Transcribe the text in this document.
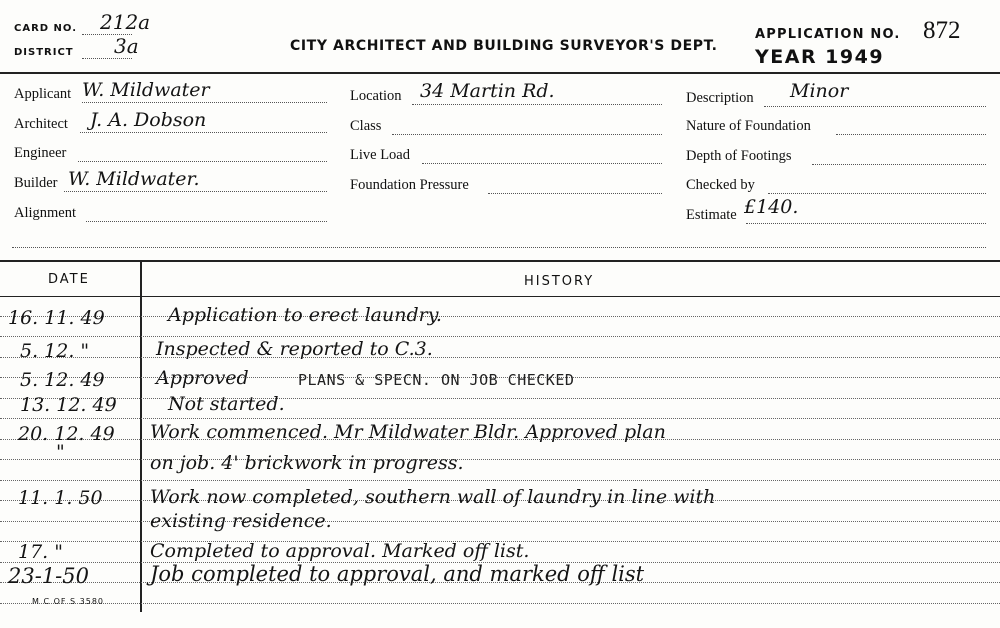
CARD NO. 212a
DISTRICT 3a	CITY ARCHITECT AND BUILDING SURVEYOR'S DEPT.
APPLICATION NO. 872
YEAR 1949
Applicant W. Mildwater
Architect J. A. Dobson
Engineer
Builder W. Mildwater.
Alignment
Location 34 Martin Rd.
Class
Live Load
Foundation Pressure
Description Minor
Nature of Foundation
Depth of Footings
Checked by
Estimate £140.
DATE	HISTORY
16. 11. 49	Application to erect laundry.
5. 12. "	Inspected & reported to C.3.
5. 12. 49	Approved	PLANS & SPECN. ON JOB CHECKED
13. 12. 49	Not started.
20. 12. 49 Work commenced. Mr Mildwater Bldr. Approved plan
"	on job. 4' brickwork in progress.
11. 1. 50 Work now completed, southern wall of laundry in line with
existing residence.
17. "	Completed to approval. Marked off list.
23-1-50	Job completed to approval, and marked off list
M C OF S 3580
